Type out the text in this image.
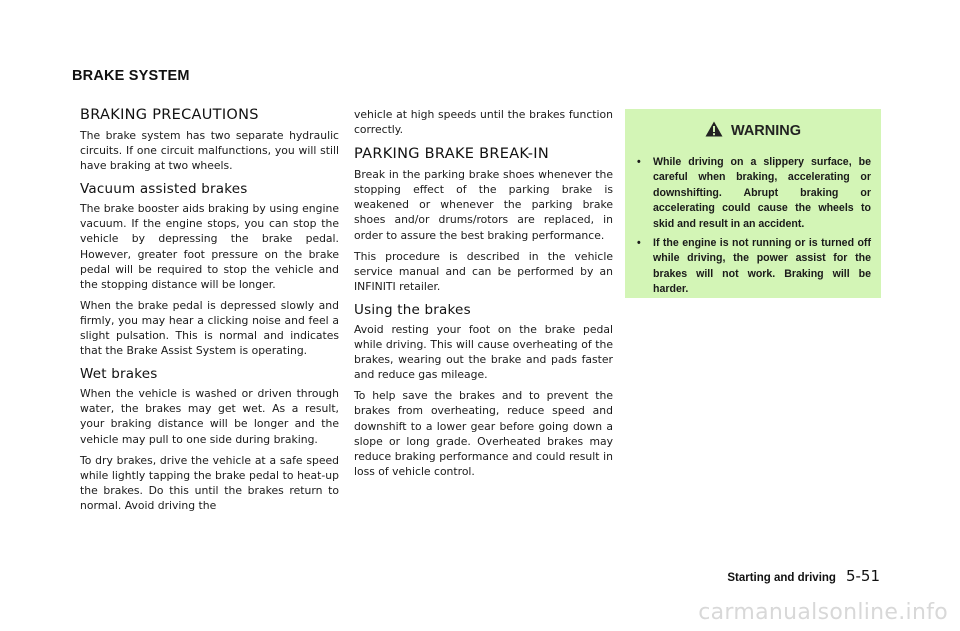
BRAKE SYSTEM
BRAKING PRECAUTIONS

The brake system has two separate hydraulic circuits. If one circuit malfunctions, you will still have braking at two wheels.

Vacuum assisted brakes

The brake booster aids braking by using engine vacuum. If the engine stops, you can stop the vehicle by depressing the brake pedal. However, greater foot pressure on the brake pedal will be required to stop the vehicle and the stopping distance will be longer.

When the brake pedal is depressed slowly and firmly, you may hear a clicking noise and feel a slight pulsation. This is normal and indicates that the Brake Assist System is operating.

Wet brakes

When the vehicle is washed or driven through water, the brakes may get wet. As a result, your braking distance will be longer and the vehicle may pull to one side during braking.

To dry brakes, drive the vehicle at a safe speed while lightly tapping the brake pedal to heat-up the brakes. Do this until the brakes return to normal. Avoid driving the

vehicle at high speeds until the brakes function correctly.

PARKING BRAKE BREAK-IN

Break in the parking brake shoes whenever the stopping effect of the parking brake is weakened or whenever the parking brake shoes and/or drums/rotors are replaced, in order to assure the best braking performance.

This procedure is described in the vehicle service manual and can be performed by an INFINITI retailer.

Using the brakes

Avoid resting your foot on the brake pedal while driving. This will cause overheating of the brakes, wearing out the brake and pads faster and reduce gas mileage.

To help save the brakes and to prevent the brakes from overheating, reduce speed and downshift to a lower gear before going down a slope or long grade. Overheated brakes may reduce braking performance and could result in loss of vehicle control.

WARNING
• While driving on a slippery surface, be careful when braking, accelerating or downshifting. Abrupt braking or accelerating could cause the wheels to skid and result in an accident.
• If the engine is not running or is turned off while driving, the power assist for the brakes will not work. Braking will be harder.
Starting and driving 5-51
carmanualsonline.info
